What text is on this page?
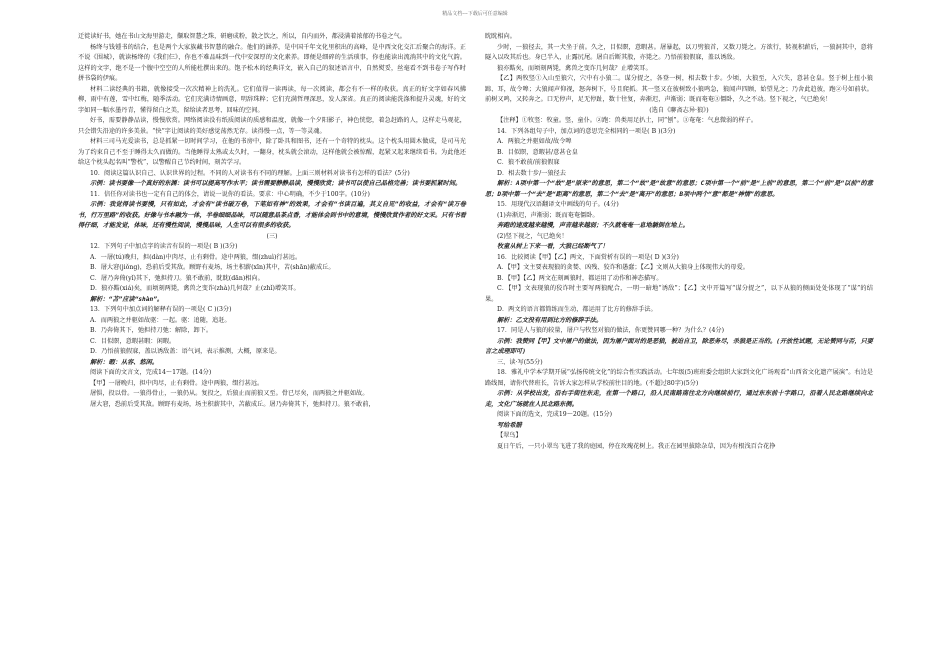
精品文档---下载后可任意编辑

迁徙读好书，她在书山文海里游走，撷取智慧之珠，研磨成粉，散之饮之，所以，自内而外，都浸满着浓郁的书卷之气。

杨绛与钱锺书的结合，也是两个大家族藏书智慧的融合。他们的涵养，是中国千年文化里积出的高峰，是中西文化交汇后聚合的海洋。正不说《围城》，就读杨绛的《我们仨》，你也不难品味到一代中安深厚的文化素养。即便是细碎的生活琐事，你也能读出流淌其中的文化气韵。这样的文字，绝不是一个腹中空空的人所能杜撰出来的。饱予松木的经典详文，嵌入自己的叙述语言中，自然熨妥，丝毫看不到书卷子写作时拼书袋的伊痕。

材料二读经典的书籍，就像接受一次次精神上的洗礼。它们值得一读再读，每一次阅读，都会有不一样的收获。真正的好文字如春风拂柳，雨中有莲，雪中红梅，随季活动。它们充满诗情画意，明辞珠粹；它们充满哲理深思，发人深省。真正的阅读能洗涤和提升灵魂，好的文字如同一幅水墨丹青，懂得留白之美，留给读者思考、回味的空间。

好书，需要静静品读，慢慢欣赏。网络阅读没有纸质阅读的质感和温度，就像一个夕阳影子，神色恍惚，着急赶路的人，这样走马观花，只会错失沿途的许多美景。“快”字让阅读的美好感觉荡然无存。读得慢一点，等一等灵魂。

材料三司马光爱读书，总是抓紧一切时间学习，在他的书房中，除了卧具和图书，还有一个奇特的枕头。这个枕头用圆木做成，是司马光为了约束自己不至于睡得太久而做的。当他睡得太熟或太久时，一翻身，枕头就会滚动，这样他就会被惊醒，起紧又起来继续看书。为此他还给这个枕头起名叫“警枕”，以警醒自己节约时间，刻苦学习。

10．阅读这篇认识自己、认识世界的过程。不同的人对读书有不同的理解。上面三则材料对读书有怎样的看法？(5分)

示例：读书要像一个真好的东渊：读书可以提高写作水平；读书需要静静品读，慢慢欣赏；读书可以使自己品格完善；读书要抓紧时间。

11．信任你对读书也一定有自己的体会，请说一说你的看法。要求：中心明确，不少于100字。(10分)

示例：我觉得读书要慢，只有如此，才会有“读书破万卷，下笔如有神”的效果，才会有“书读百遍，其义自见”的收益，才会有“读万卷书，行万里路”的收获。好像与书本融为一体，半卷细细品味，可以随意品茶点香，才能体会到书中的意境，慢慢欣赏作者的好文采。只有书看得仔细，才能发觉，体味，还有慢性阅读，慢慢品味，人生可以有很多的收获。

(三)

12．下列句子中加点字的读音有误的一项是( B )(3分)

A．一屠(tú)晚归，担(dàn)中肉尽，止有剩骨。途中两狼，缀(zhuì)行甚远。

B．屠大窘(jiǒng)，恐前后受其敌。顾野有麦场，场主积薪(xīn)其中，苫(shān)蔽成丘。

C．屠乃奔倚(yǐ)其下，弛担持刀。狼不敢前，眈眈(dān)相向。

D．狼亦黠(xiá)矣，而顷刻两毙，禽兽之变诈(zhà)几何哉？止(zhǐ)增笑耳。

解析：“苫”应读“shàn”。

13．下列句中加点词的解释有误的一项是( C )(3分)

A．而两狼之并驱如故驱：一起。驱：追随，追赶。

B．乃奔倚其下，弛担持刀弛：解除，卸下。

C．目似瞑，意暇甚暇：闲暇。

D．乃悟前狼假寐，盖以诱敌盖：语气词，表示推测，大概，原来是。

解析：暇：从容、悠闲。

阅读下面的文言文，完成14～17题。(14分)

【甲】一屠晚归，担中肉尽，止有剩骨。途中两狼，缀行甚远。

屠惧，投以骨。一狼得骨止，一狼仍从。复投之，后狼止而前狼又至。骨已尽矣，而两狼之并驱如故。

屠大窘，恐前后受其敌。顾野有麦场，场主积薪其中，苫蔽成丘。屠乃奔倚其下，弛担持刀。狼不敢前，

眈眈相向。

少时，一狼径去，其一犬坐于前。久之，目似瞑，意暇甚。屠暴起，以刀劈狼首，又数刀毙之。方欲行，转视积薪后，一狼洞其中，意将隧入以攻其后也。身已半入，止露尻尾。屠自后断其股，亦毙之。乃悟前狼假寐，盖以诱敌。

狼亦黠矣，而顷刻两毙，禽兽之变诈几何哉？止增笑耳。

【乙】两牧竖①入山至狼穴，穴中有小狼二。谋分捉之，各登一树，相去数十步。少顷，大狼至，入穴失，意甚仓皇。竖于树上扭小狼蹄、耳，故令嗥；大狼闻声仰视，怒奔树下，号且爬抓。其一竖又在彼树致小狼鸣急，狼闻声四顾，始望见之；乃舍此趋彼，跑②号如前状。前树又鸣，又转奔之。口无停声，足无停趾，数十往复，奔渐迟，声渐弱；既而奄奄③僵卧，久之不动。竖下视之，气已绝矣！

(选自《聊斋志异·狼》)

【注释】①牧竖：牧童。竖，童仆。②跑：兽类用足扒土，同“刨”。③奄奄：气息微弱的样子。

14．下列各组句子中，加点词的意思完全相同的一项是( B )(3分)

A．两狼之并驱如故/故令嗥

B．目似瞑，意暇甚/意甚仓皇

C．狼不敢前/前狼假寐

D．相去数十步/一狼径去

解析：A项中第一个“故”是“原来”的意思，第二个“故”是“故意”的意思；C项中第一个“前”是“上前”的意思，第二个“前”是“以前”的意思；D项中第一个“去”是“距离”的意思，第二个“去”是“离开”的意思；B项中两个“意”都是“神情”的意思。

15．用现代汉语翻译文中画线的句子。(4分)

(1)奔渐迟，声渐弱；既而奄奄僵卧。

奔跑的速度越来越慢，声音越来越弱；不久就奄奄一息地躺倒在地上。

(2)竖下视之，气已绝矣！

牧童从树上下来一看，大狼已经断气了！

16．比较阅读【甲】【乙】两文，下面赏析有误的一项是( D )(3分)

A．【甲】文主要表现狼的贪婪、凶残、狡诈和愚蠢；【乙】文则从大狼身上体现伟大的母爱。

B．【甲】【乙】两文在刻画狼时，都运用了动作和神态描写。

C．【甲】文表现狼的狡诈时主要写两狼配合，一明一暗地“诱敌”；【乙】文中开篇写“谋分捉之”，以下从狼的侧面处处体现了“谋”的结果。

D．两文的语言都简练而生动，都运用了比方的修辞手法。

解析：乙文没有用到比方的修辞手法。

17．同是人与狼的较量，屠户与牧竖对狼的做法，你更赞同哪一种？为什么？(4分)

示例：我赞同【甲】文中屠户的做法，因为屠户面对的是恶狼，被迫自卫，除恶务尽，杀狼是正当的。(开放性试题，无论赞同与否，只要言之成理即可)

三、读·写(55分)

18．雅礼中学本学期开展“弘扬传统文化”的综合性实践活动。七年级(5)班班委会组织大家到文化广场观看“山西省文化遗产展演”。右边是路线图，请你代替班长，告诉大家怎样从学校前往目的地。(不超过80字)(5分)

示例：从学校出发，沿右手街往东走，在第一个路口，沿人民南路南往北方向继续前行，通过东东前十字路口，沿着人民北路继续向北走，文化广场就在人民北路东侧。

阅读下面的选文，完成19～20题。(15分)

写给希腊

【翠鸟】

夏日午后，一只小翠鸟飞进了我的庭园，停在玫瑰花树上。我正在园里拔除杂草，因为有根浅百合花挣
